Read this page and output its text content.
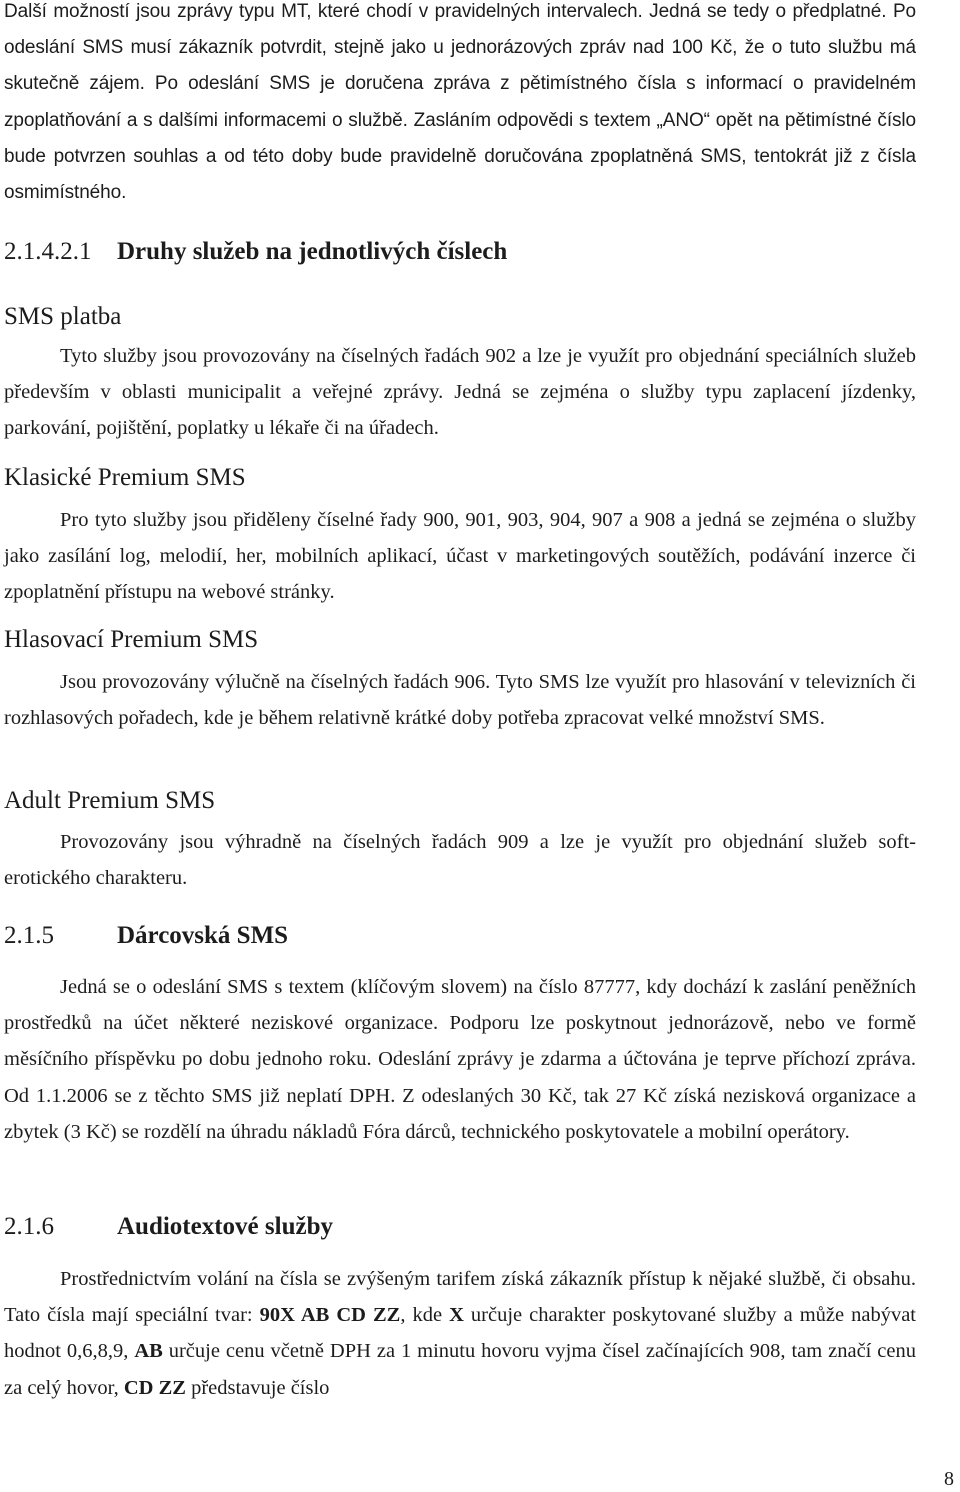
Další možností jsou zprávy typu MT, které chodí v pravidelných intervalech. Jedná se tedy o předplatné. Po odeslání SMS musí zákazník potvrdit, stejně jako u jednorázových zpráv nad 100 Kč, že o tuto službu má skutečně zájem. Po odeslání SMS je doručena zpráva z pětimístného čísla s informací o pravidelném zpoplatňování a s dalšími informacemi o službě. Zasláním odpovědi s textem „ANO“ opět na pětimístné číslo bude potvrzen souhlas a od této doby bude pravidelně doručována zpoplatněná SMS, tentokrát již z čísla osmimístného.

2.1.4.2.1	Druhy služeb na jednotlivých číslech
SMS platba

Tyto služby jsou provozovány na číselných řadách 902 a lze je využít pro objednání speciálních služeb především v oblasti municipalit a veřejné zprávy. Jedná se zejména o služby typu zaplacení jízdenky, parkování, pojištění, poplatky u lékaře či na úřadech.

Klasické Premium SMS

Pro tyto služby jsou přiděleny číselné řady 900, 901, 903, 904, 907 a 908 a jedná se zejména o služby jako zasílání log, melodií, her, mobilních aplikací, účast v marketingových soutěžích, podávání inzerce či zpoplatnění přístupu na webové stránky.

Hlasovací Premium SMS

Jsou provozovány výlučně na číselných řadách 906. Tyto SMS lze využít pro hlasování v televizních či rozhlasových pořadech, kde je během relativně krátké doby potřeba zpracovat velké množství SMS.

Adult Premium SMS

Provozovány jsou výhradně na číselných řadách 909 a lze je využít pro objednání služeb soft-erotického charakteru.

2.1.5	Dárcovská SMS

Jedná se o odeslání SMS s textem (klíčovým slovem) na číslo 87777, kdy dochází k zaslání peněžních prostředků na účet některé neziskové organizace. Podporu lze poskytnout jednorázově, nebo ve formě měsíčního příspěvku po dobu jednoho roku. Odeslání zprávy je zdarma a účtována je teprve příchozí zpráva. Od 1.1.2006 se z těchto SMS již neplatí DPH. Z odeslaných 30 Kč, tak 27 Kč získá nezisková organizace a zbytek (3 Kč) se rozdělí na úhradu nákladů Fóra dárců, technického poskytovatele a mobilní operátory.

2.1.6	Audiotextové služby

Prostřednictvím volání na čísla se zvýšeným tarifem získá zákazník přístup k nějaké službě, či obsahu. Tato čísla mají speciální tvar: 90X AB CD ZZ, kde X určuje charakter poskytované služby a může nabývat hodnot 0,6,8,9, AB určuje cenu včetně DPH za 1 minutu hovoru vyjma čísel začínajících 908, tam značí cenu za celý hovor, CD ZZ představuje číslo

8
